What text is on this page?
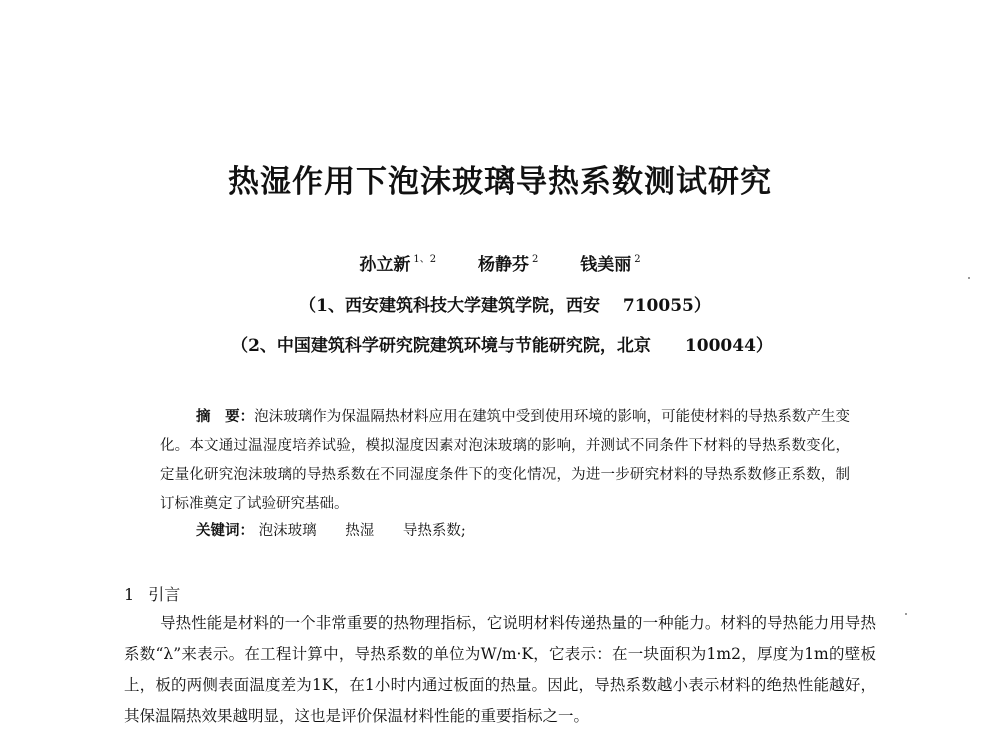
热湿作用下泡沫玻璃导热系数测试研究
孙立新 $^{1、2}$ 杨静芬 $^2$ 钱美丽 $^2$
（1、西安建筑科技大学建筑学院，西安　 710055）
（2、中国建筑科学研究院建筑环境与节能研究院，北京　　100044）
摘　要：泡沫玻璃作为保温隔热材料应用在建筑中受到使用环境的影响，可能使材料的导热系数产生变化。本文通过温湿度培养试验，模拟湿度因素对泡沫玻璃的影响，并测试不同条件下材料的导热系数变化，定量化研究泡沫玻璃的导热系数在不同湿度条件下的变化情况，为进一步研究材料的导热系数修正系数，制订标准奠定了试验研究基础。
关键词： 泡沫玻璃 热湿 导热系数;
1 引言
导热性能是材料的一个非常重要的热物理指标，它说明材料传递热量的一种能力。材料的导热能力用导热系数“λ”来表示。在工程计算中，导热系数的单位为W/m·K，它表示：在一块面积为1m2，厚度为1m的壁板上，板的两侧表面温度差为1K，在1小时内通过板面的热量。因此，导热系数越小表示材料的绝热性能越好，其保温隔热效果越明显，这也是评价保温材料性能的重要指标之一。
